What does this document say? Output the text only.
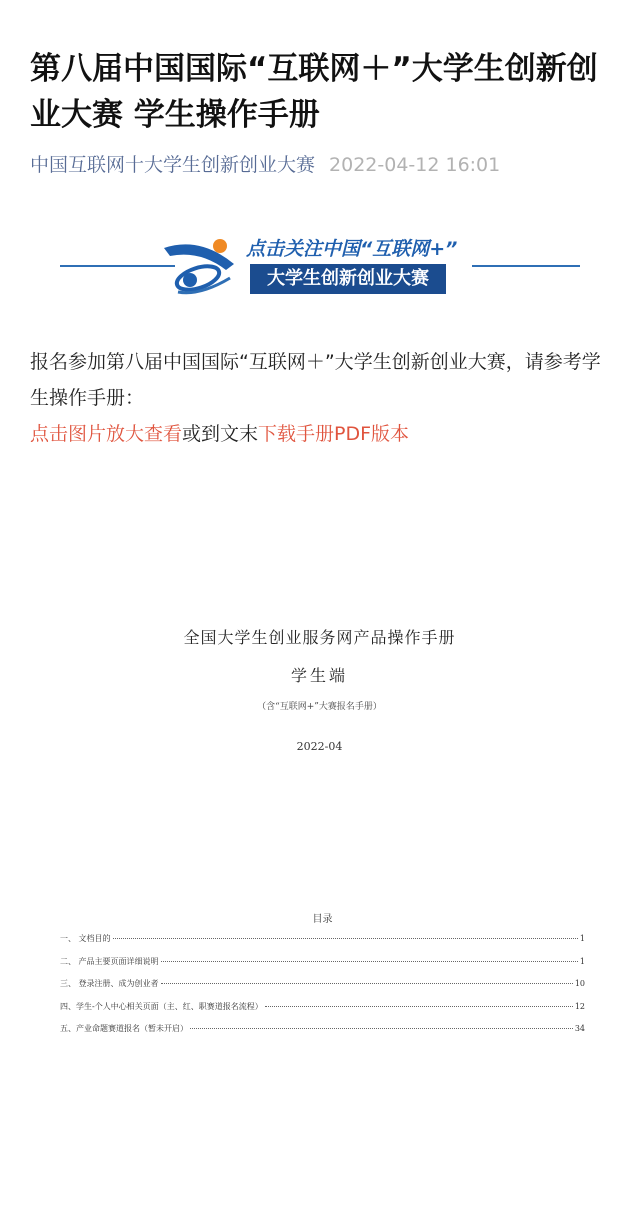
第八届中国国际“互联网＋”大学生创新创业大赛 学生操作手册
中国互联网十大学生创新创业大赛 2022-04-12 16:01
点击关注中国“互联网+”
大学生创新创业大赛

报名参加第八届中国国际“互联网＋”大学生创新创业大赛，请参考学生操作手册：
点击图片放大查看或到文末下载手册PDF版本

全国大学生创业服务网产品操作手册
学生端
（含“互联网+”大赛报名手册）
2022-04
目录
一、 文档目的	1
二、 产品主要页面详细说明	1
三、 登录注册、成为创业者	10
四、学生-个人中心相关页面（主、红、职赛道报名流程）	12
五、产业命题赛道报名（暂未开启）	34
